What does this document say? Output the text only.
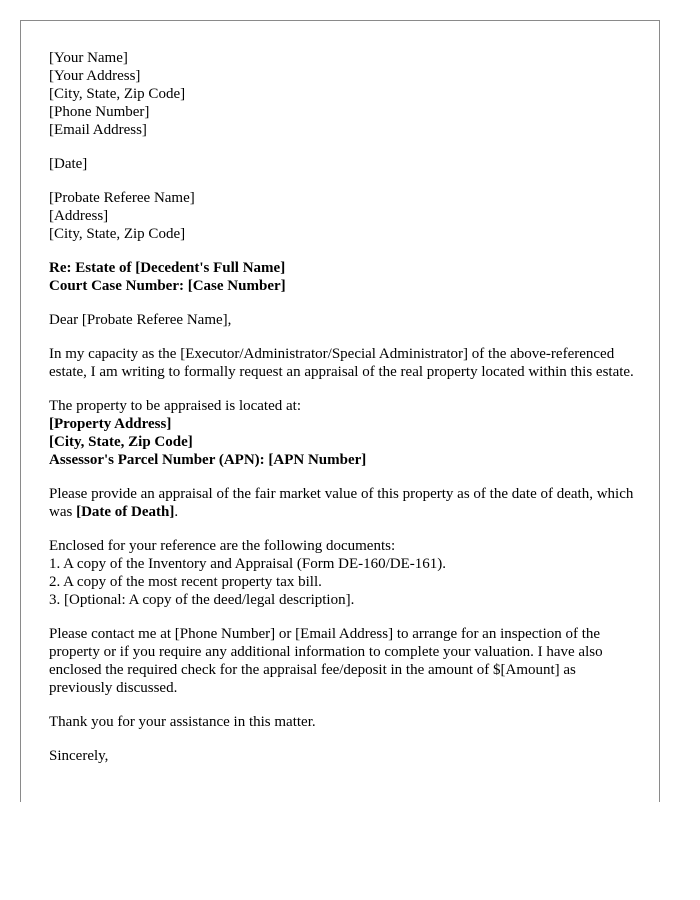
[Your Name]
[Your Address]
[City, State, Zip Code]
[Phone Number]
[Email Address]
[Date]
[Probate Referee Name]
[Address]
[City, State, Zip Code]
Re: Estate of [Decedent's Full Name]
Court Case Number: [Case Number]
Dear [Probate Referee Name],
In my capacity as the [Executor/Administrator/Special Administrator] of the above-referenced estate, I am writing to formally request an appraisal of the real property located within this estate.
The property to be appraised is located at:
[Property Address]
[City, State, Zip Code]
Assessor's Parcel Number (APN): [APN Number]
Please provide an appraisal of the fair market value of this property as of the date of death, which was [Date of Death].
Enclosed for your reference are the following documents:
1. A copy of the Inventory and Appraisal (Form DE-160/DE-161).
2. A copy of the most recent property tax bill.
3. [Optional: A copy of the deed/legal description].
Please contact me at [Phone Number] or [Email Address] to arrange for an inspection of the property or if you require any additional information to complete your valuation. I have also enclosed the required check for the appraisal fee/deposit in the amount of $[Amount] as previously discussed.
Thank you for your assistance in this matter.
Sincerely,
